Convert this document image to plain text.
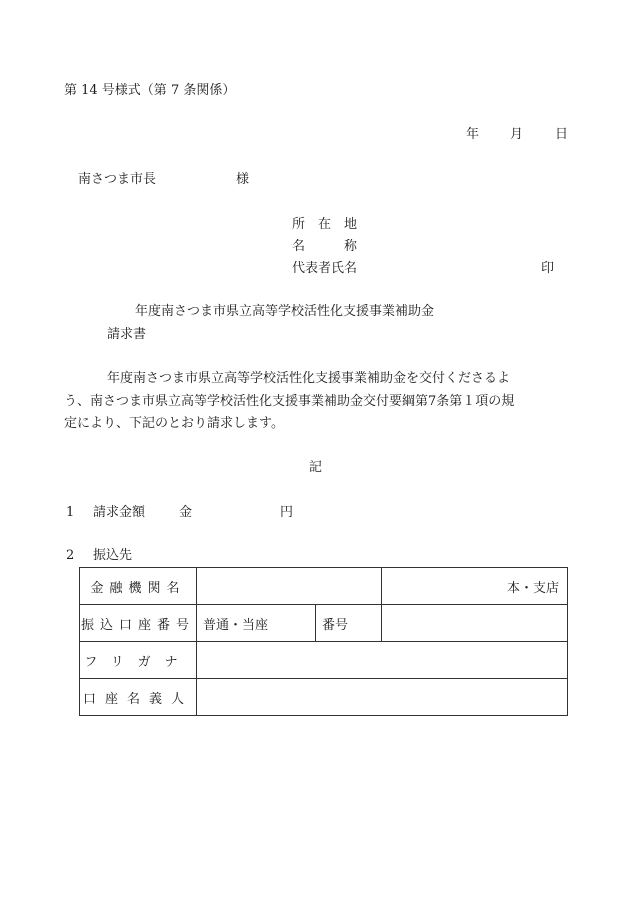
第 14 号様式（第 7 条関係）
年 月 日
南さつま市長	様
所　在　地
名　　　称
代表者氏名	印
年度南さつま市県立高等学校活性化支援事業補助金
請求書
年度南さつま市県立高等学校活性化支援事業補助金を交付くださるよ
う、南さつま市県立高等学校活性化支援事業補助金交付要綱第7条第１項の規
定により、下記のとおり請求します。
記
1 請求金額	金	円
2 振込先
金融機関名			本・支店
振込口座番号	普通・当座	番号	
フリガナ			
口座名義人			
